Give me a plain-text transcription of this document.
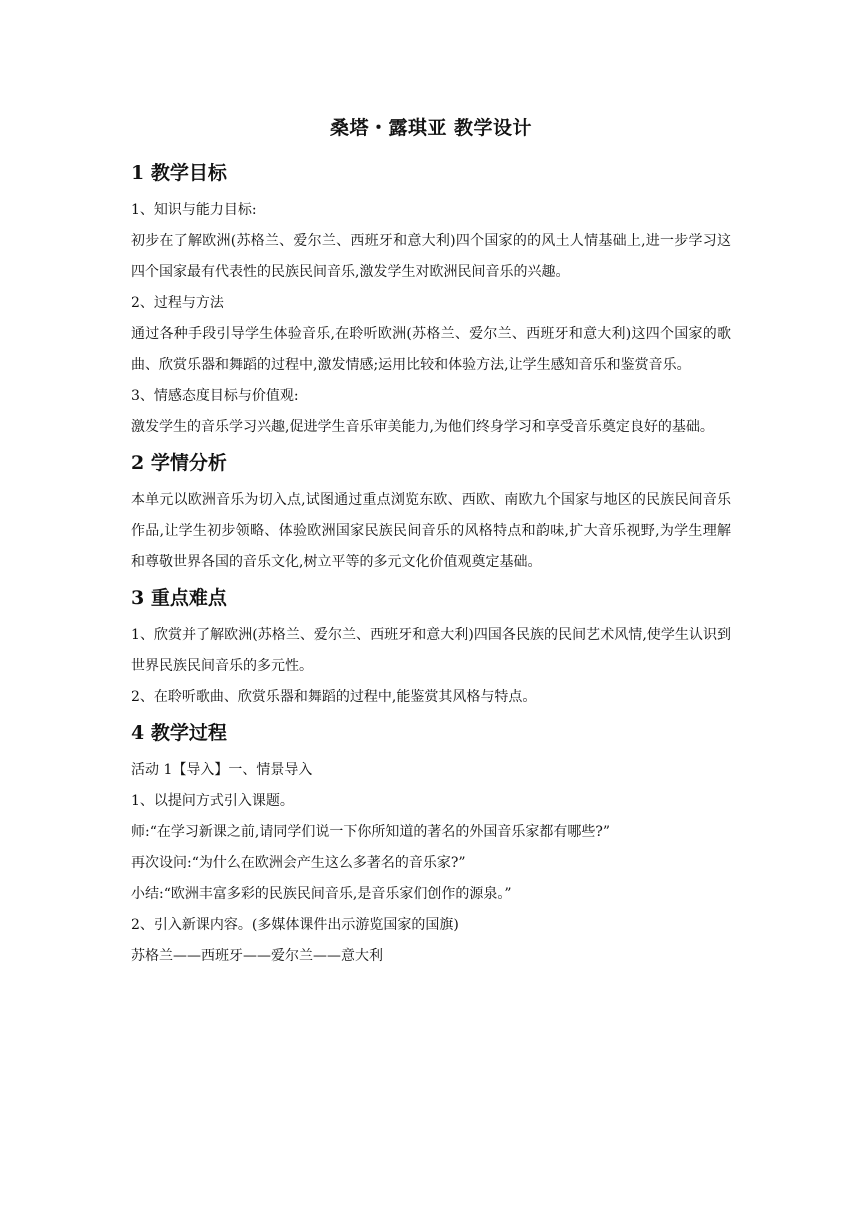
桑塔・露琪亚 教学设计
1 教学目标

1、知识与能力目标:

初步在了解欧洲(苏格兰、爱尔兰、西班牙和意大利)四个国家的的风土人情基础上,进一步学习这四个国家最有代表性的民族民间音乐,激发学生对欧洲民间音乐的兴趣。

2、过程与方法

通过各种手段引导学生体验音乐,在聆听欧洲(苏格兰、爱尔兰、西班牙和意大利)这四个国家的歌曲、欣赏乐器和舞蹈的过程中,激发情感;运用比较和体验方法,让学生感知音乐和鉴赏音乐。

3、情感态度目标与价值观:

激发学生的音乐学习兴趣,促进学生音乐审美能力,为他们终身学习和享受音乐奠定良好的基础。

2 学情分析

本单元以欧洲音乐为切入点,试图通过重点浏览东欧、西欧、南欧九个国家与地区的民族民间音乐作品,让学生初步领略、体验欧洲国家民族民间音乐的风格特点和韵味,扩大音乐视野,为学生理解和尊敬世界各国的音乐文化,树立平等的多元文化价值观奠定基础。

3 重点难点

1、欣赏并了解欧洲(苏格兰、爱尔兰、西班牙和意大利)四国各民族的民间艺术风情,使学生认识到世界民族民间音乐的多元性。

2、在聆听歌曲、欣赏乐器和舞蹈的过程中,能鉴赏其风格与特点。

4 教学过程

活动 1【导入】一、情景导入

1、以提问方式引入课题。

师:“在学习新课之前,请同学们说一下你所知道的著名的外国音乐家都有哪些?”

再次设问:“为什么在欧洲会产生这么多著名的音乐家?”

小结:“欧洲丰富多彩的民族民间音乐,是音乐家们创作的源泉。”

2、引入新课内容。(多媒体课件出示游览国家的国旗)

苏格兰——西班牙——爱尔兰——意大利
